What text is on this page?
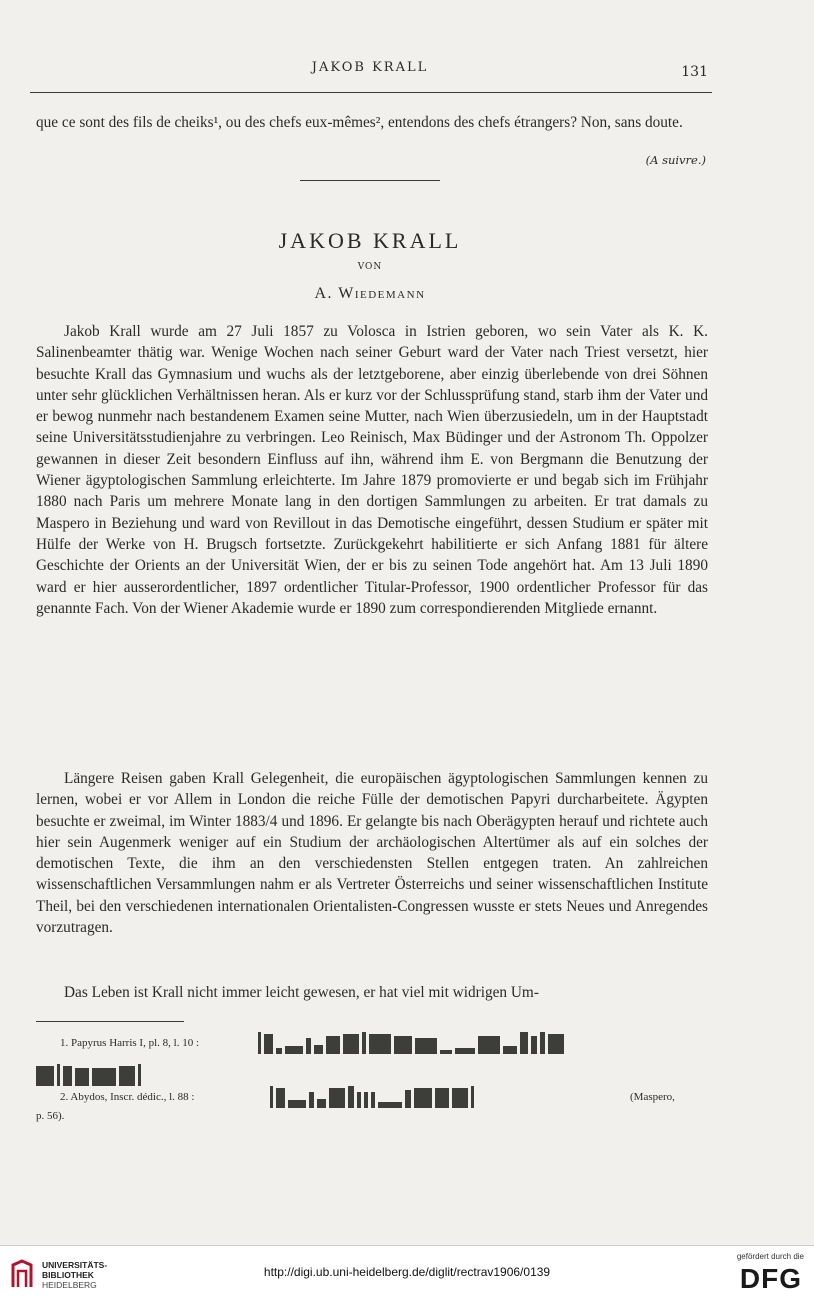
JAKOB KRALL	131
que ce sont des fils de cheiks¹, ou des chefs eux-mêmes², entendons des chefs étrangers? Non, sans doute.
(A suivre.)
JAKOB KRALL
VON
A. Wiedemann
Jakob Krall wurde am 27 Juli 1857 zu Volosca in Istrien geboren, wo sein Vater als K. K. Salinenbeamter thätig war. Wenige Wochen nach seiner Geburt ward der Vater nach Triest versetzt, hier besuchte Krall das Gymnasium und wuchs als der letztgeborene, aber einzig überlebende von drei Söhnen unter sehr glücklichen Verhältnissen heran. Als er kurz vor der Schlussprüfung stand, starb ihm der Vater und er bewog nunmehr nach bestandenem Examen seine Mutter, nach Wien überzusiedeln, um in der Hauptstadt seine Universitätsstudienjahre zu verbringen. Leo Reinisch, Max Büdinger und der Astronom Th. Oppolzer gewannen in dieser Zeit besondern Einfluss auf ihn, während ihm E. von Bergmann die Benutzung der Wiener ägyptologischen Sammlung erleichterte. Im Jahre 1879 promovierte er und begab sich im Frühjahr 1880 nach Paris um mehrere Monate lang in den dortigen Sammlungen zu arbeiten. Er trat damals zu Maspero in Beziehung und ward von Revillout in das Demotische eingeführt, dessen Studium er später mit Hülfe der Werke von H. Brugsch fortsetzte. Zurückgekehrt habilitierte er sich Anfang 1881 für ältere Geschichte der Orients an der Universität Wien, der er bis zu seinen Tode angehört hat. Am 13 Juli 1890 ward er hier ausserordentlicher, 1897 ordentlicher Titular-Professor, 1900 ordentlicher Professor für das genannte Fach. Von der Wiener Akademie wurde er 1890 zum correspondierenden Mitgliede ernannt.
Längere Reisen gaben Krall Gelegenheit, die europäischen ägyptologischen Sammlungen kennen zu lernen, wobei er vor Allem in London die reiche Fülle der demotischen Papyri durcharbeitete. Ägypten besuchte er zweimal, im Winter 1883/4 und 1896. Er gelangte bis nach Oberägypten herauf und richtete auch hier sein Augenmerk weniger auf ein Studium der archäologischen Altertümer als auf ein solches der demotischen Texte, die ihm an den verschiedensten Stellen entgegen traten. An zahlreichen wissenschaftlichen Versammlungen nahm er als Vertreter Österreichs und seiner wissenschaftlichen Institute Theil, bei den verschiedenen internationalen Orientalisten-Congressen wusste er stets Neues und Anregendes vorzutragen.
Das Leben ist Krall nicht immer leicht gewesen, er hat viel mit widrigen Um-
1. Papyrus Harris I, pl. 8, l. 10 :
2. Abydos, Inscr. dédic., l. 88 :	(Maspero,
p. 56).
UNIVERSITÄTS-
BIBLIOTHEK
HEIDELBERG
http://digi.ub.uni-heidelberg.de/diglit/rectrav1906/0139
gefördert durch die
DFG
